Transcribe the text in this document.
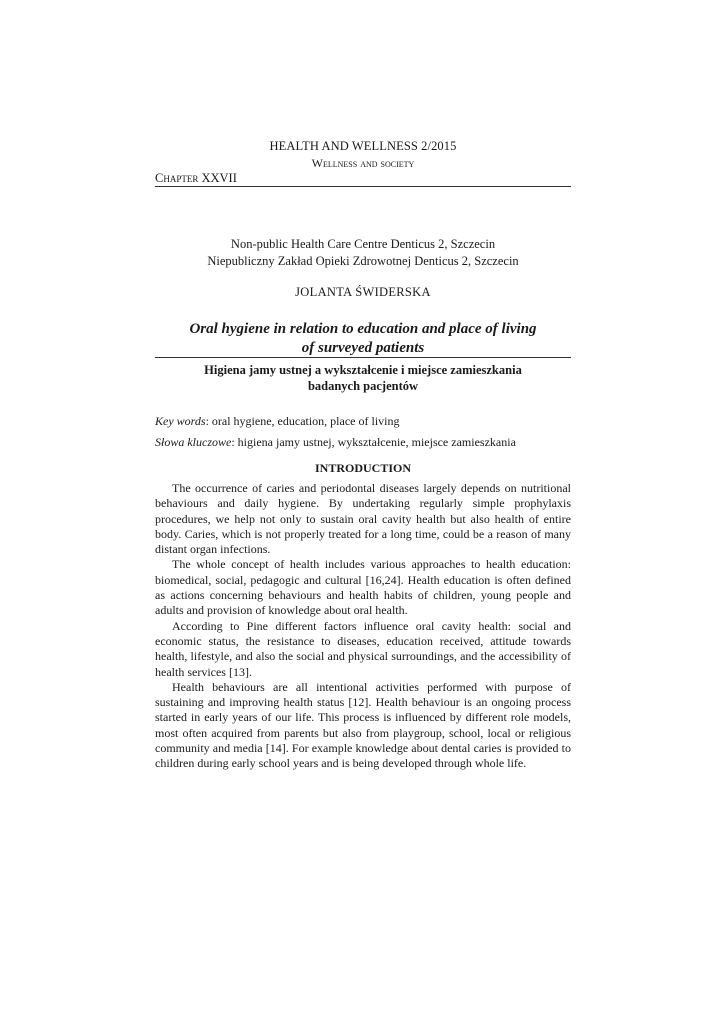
HEALTH AND WELLNESS 2/2015
Wellness and society
Chapter XXVII
Non-public Health Care Centre Denticus 2, Szczecin
Niepubliczny Zakład Opieki Zdrowotnej Denticus 2, Szczecin
JOLANTA ŚWIDERSKA
Oral hygiene in relation to education and place of living
of surveyed patients
Higiena jamy ustnej a wykształcenie i miejsce zamieszkania
badanych pacjentów
Key words: oral hygiene, education, place of living
Słowa kluczowe: higiena jamy ustnej, wykształcenie, miejsce zamieszkania
INTRODUCTION

The occurrence of caries and periodontal diseases largely depends on nutritional behaviours and daily hygiene. By undertaking regularly simple prophylaxis procedures, we help not only to sustain oral cavity health but also health of entire body. Caries, which is not properly treated for a long time, could be a reason of many distant organ infections.

The whole concept of health includes various approaches to health education: biomedical, social, pedagogic and cultural [16,24]. Health education is often defined as actions concerning behaviours and health habits of children, young people and adults and provision of knowledge about oral health.

According to Pine different factors influence oral cavity health: social and economic status, the resistance to diseases, education received, attitude towards health, lifestyle, and also the social and physical surroundings, and the accessibility of health services [13].

Health behaviours are all intentional activities performed with purpose of sustaining and improving health status [12]. Health behaviour is an ongoing process started in early years of our life. This process is influenced by different role models, most often acquired from parents but also from playgroup, school, local or religious community and media [14]. For example knowledge about dental caries is provided to children during early school years and is being developed through whole life.
